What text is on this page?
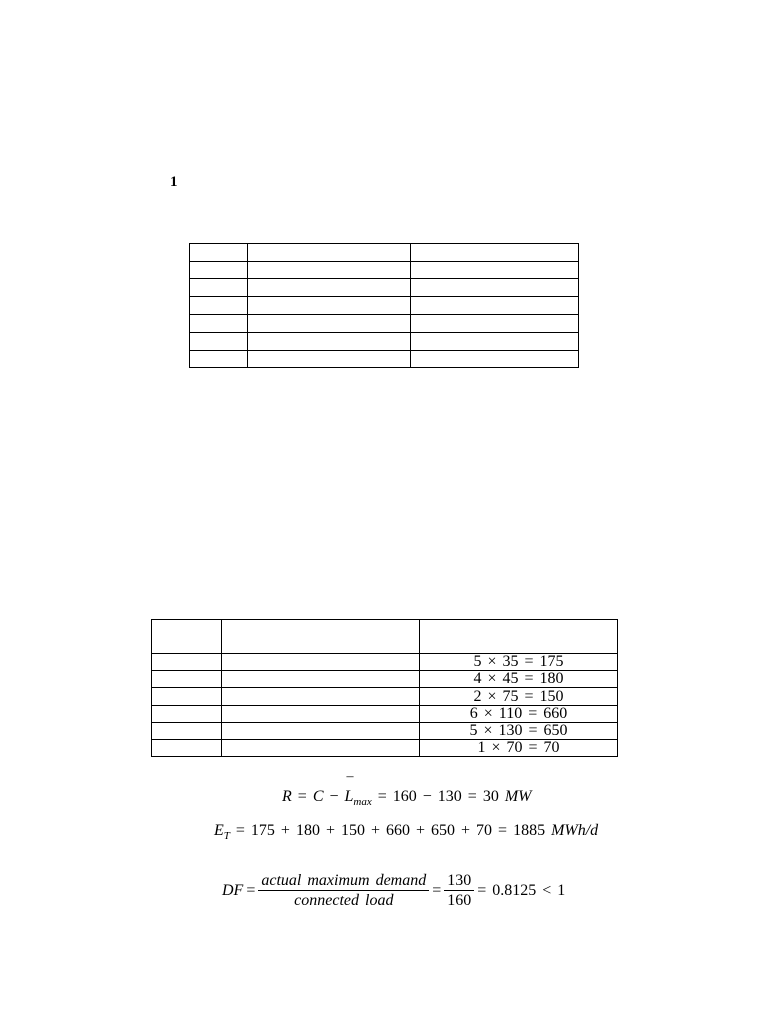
1
5 × 35 = 175
4 × 45 = 180
2 × 75 = 150
6 × 110 = 660
5 × 130 = 650
1 × 70 = 70
R = C −
–
$L_{max} = 160 - 130 = 30$ MW
$E_T = 175 + 180 + 150 + 660 + 650 + 70 = 1885$ MWh/d
DF = $\frac{\text{actual maximum demand}}{\text{connected load}} = \frac{130}{160} = 0.8125 < 1$
